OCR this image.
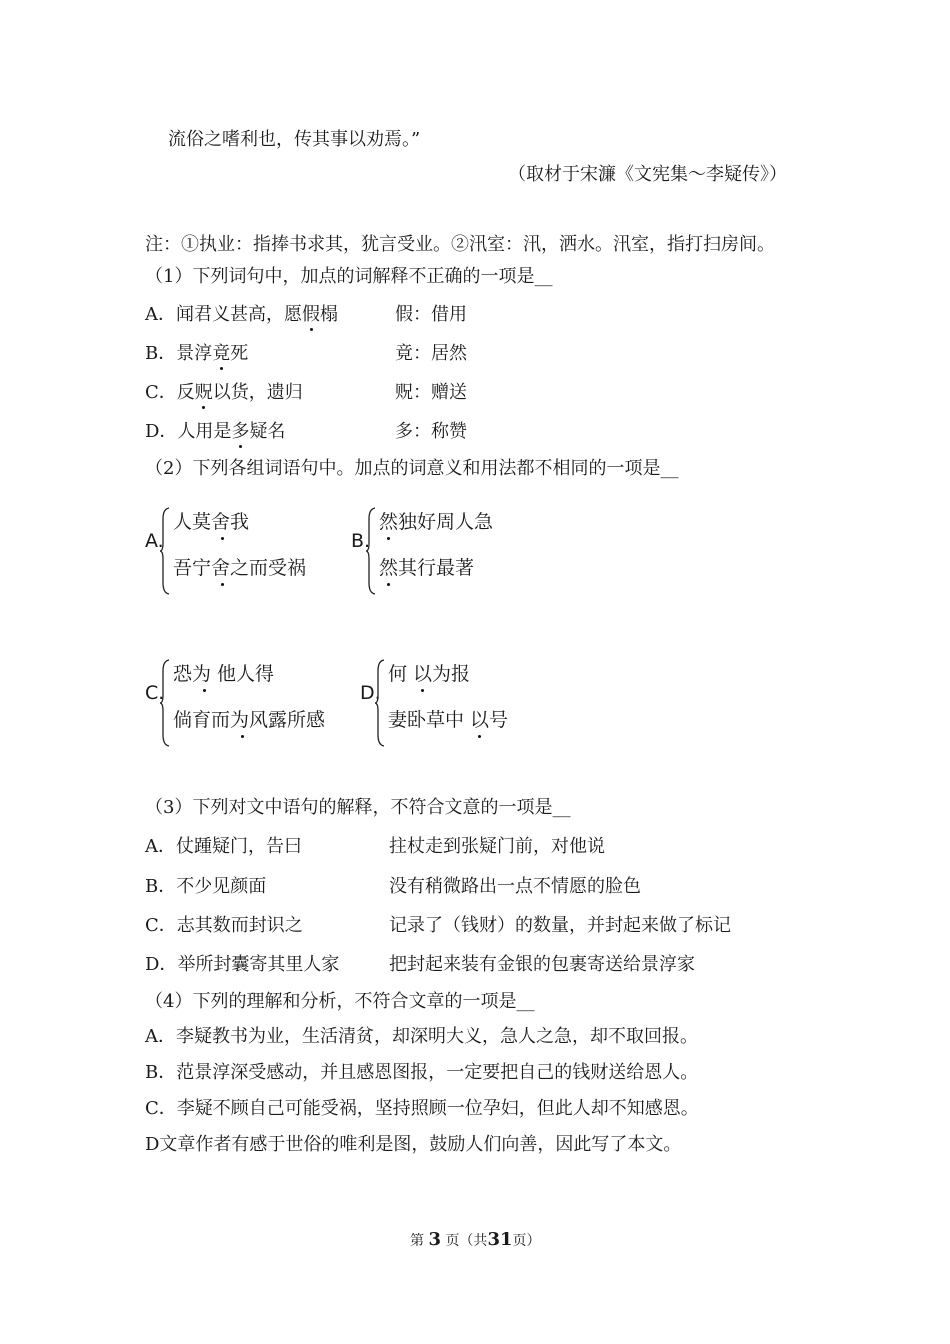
流俗之嗜利也，传其事以劝焉。”
（取材于宋濂《文宪集～李疑传》）
注：①执业：指捧书求其，犹言受业。②汛室：汛，洒水。汛室，指打扫房间。
（1）下列词句中，加点的词解释不正确的一项是__
A．闻君义甚高，愿假榻	假：借用
B．景淳竟死	竟：居然
C．反贶以货，遗归	贶：赠送
D．人用是多疑名	多：称赞
（2）下列各组词语句中。加点的词意义和用法都不相同的一项是__
A.
人莫舍我
吾宁舍之而受祸
B.
然独好周人急
然其行最著
C.
恐为 他人得
倘育而为风露所感
D.
何 以为报
妻卧草中 以号
（3）下列对文中语句的解释，不符合文意的一项是__
A．仗踵疑门，告曰	拄杖走到张疑门前，对他说
B．不少见颜面	没有稍微路出一点不情愿的脸色
C．志其数而封识之	记录了（钱财）的数量，并封起来做了标记
D．举所封囊寄其里人家	把封起来装有金银的包裹寄送给景淳家
（4）下列的理解和分析，不符合文章的一项是__
A．李疑教书为业，生活清贫，却深明大义，急人之急，却不取回报。
B．范景淳深受感动，并且感恩图报，一定要把自己的钱财送给恩人。
C．李疑不顾自己可能受祸，坚持照顾一位孕妇，但此人却不知感恩。
D文章作者有感于世俗的唯利是图，鼓励人们向善，因此写了本文。
第 3 页（共31页）
